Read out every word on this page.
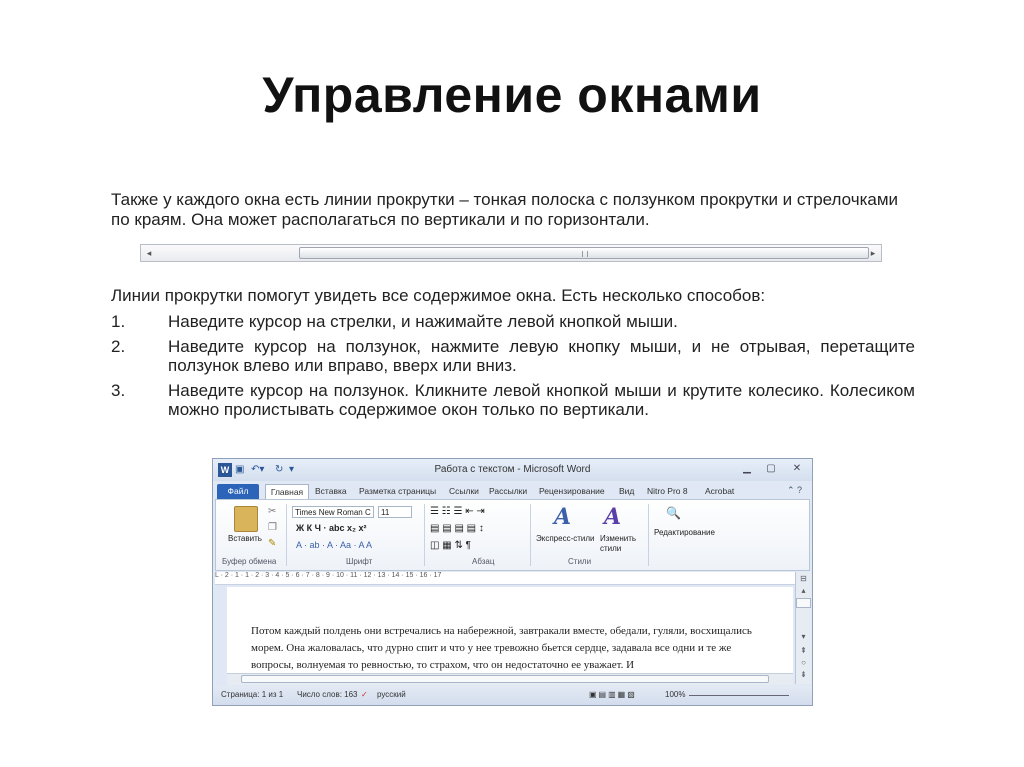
Управление окнами
Также у каждого окна есть линии прокрутки – тонкая полоска с ползунком прокрутки и стрелочками по краям. Она может располагаться по вертикали и по горизонтали.
◂	▸
Линии прокрутки помогут увидеть все содержимое окна. Есть несколько способов:
1.	Наведите курсор на стрелки, и нажимайте левой кнопкой мыши.
2.	Наведите курсор на ползунок, нажмите левую кнопку мыши, и не отрывая, перетащите ползунок влево или вправо, вверх или вниз.
3.	Наведите курсор на ползунок. Кликните левой кнопкой мыши и крутите колесико. Колесиком можно пролистывать содержимое окон только по вертикали.
W ▣ ↶▾ ↻ ▾	Работа с текстом - Microsoft Word	▁	▢	✕
Файл	Главная	Вставка Разметка страницы Ссылки Рассылки Рецензирование Вид Nitro Pro 8 Acrobat	⌃ ?
Вставить
✂
❐
✎
Times New Roman C	11
Ж К Ч · abc x₂ x²
A · ab · A · Aa · A A
☰ ☷ ☰ ⇤ ⇥
▤ ▤ ▤ ▤ ↕
◫ ▦ ⇅ ¶
A A
Экспресс-стили Изменить стили
🔍
Редактирование
Буфер обмена	Шрифт	Абзац	Стили
L · 2 · 1 · 1 · 2 · 3 · 4 · 5 · 6 · 7 · 8 · 9 · 10 · 11 · 12 · 13 · 14 · 15 · 16 · 17
Потом каждый полдень они встречались на набережной, завтракали вместе, обедали, гуляли, восхищались морем. Она жаловалась, что дурно спит и что у нее тревожно бьется сердце, задавала все одни и те же вопросы, волнуемая то ревностью, то страхом, что он недостаточно ее уважает. И
⊟
▴
▾
⇞
○
⇟
Страница: 1 из 1 Число слов: 163 ✓ русский	▣▤▥▦▧	100%
